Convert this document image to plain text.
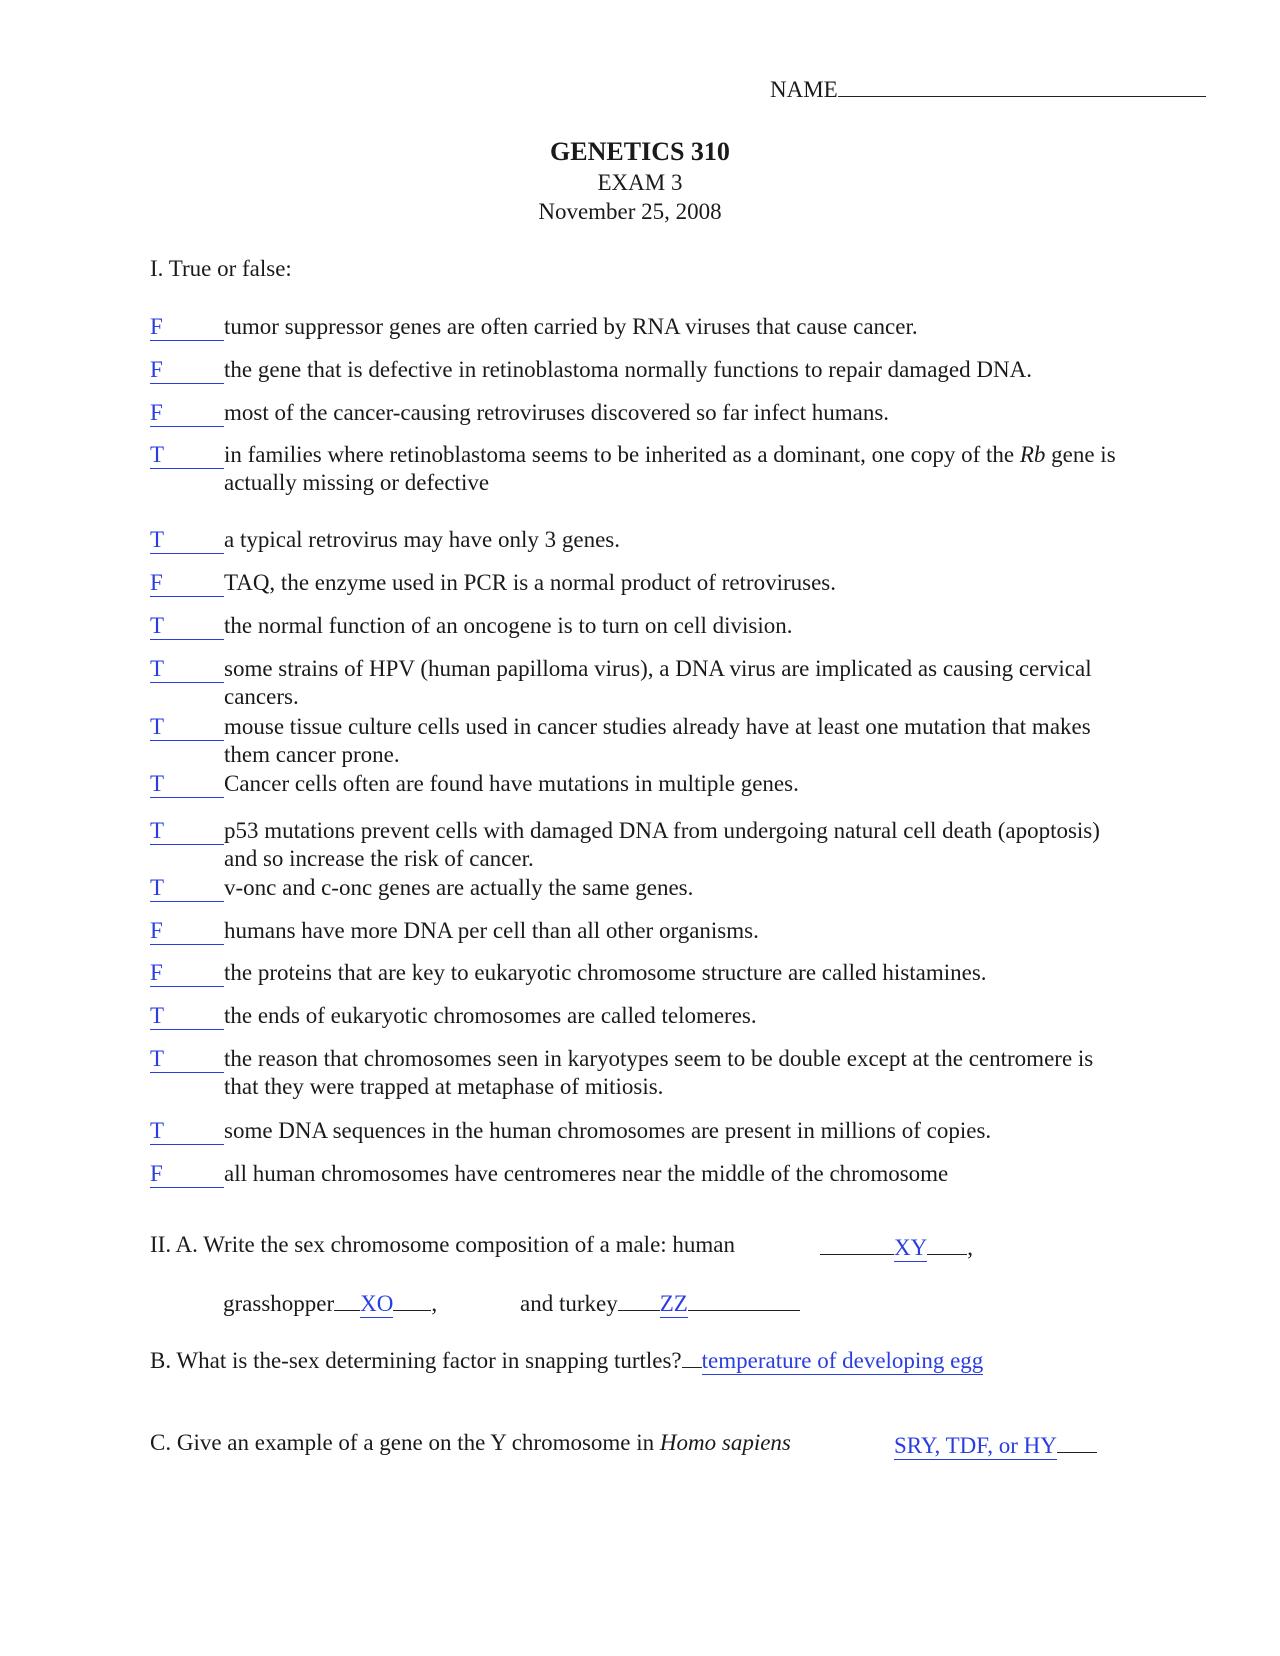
NAME
GENETICS 310
EXAM 3
November 25, 2008
I. True or false:
F	tumor suppressor genes are often carried by RNA viruses that cause cancer.
F	the gene that is defective in retinoblastoma normally functions to repair damaged DNA.
F	most of the cancer-causing retroviruses discovered so far infect humans.
T	in families where retinoblastoma seems to be inherited as a dominant, one copy of the Rb gene is actually missing or defective
T	a typical retrovirus may have only 3 genes.
F	TAQ, the enzyme used in PCR is a normal product of retroviruses.
T	the normal function of an oncogene is to turn on cell division.
T	some strains of HPV (human papilloma virus), a DNA virus are implicated as causing cervical cancers.
T	mouse tissue culture cells used in cancer studies already have at least one mutation that makes them cancer prone.
T	Cancer cells often are found have mutations in multiple genes.
T	p53 mutations prevent cells with damaged DNA from undergoing natural cell death (apoptosis) and so increase the risk of cancer.
T	v-onc and c-onc genes are actually the same genes.
F	humans have more DNA per cell than all other organisms.
F	the proteins that are key to eukaryotic chromosome structure are called histamines.
T	the ends of eukaryotic chromosomes are called telomeres.
T	the reason that chromosomes seen in karyotypes seem to be double except at the centromere is that they were trapped at metaphase of mitiosis.
T	some DNA sequences in the human chromosomes are present in millions of copies.
F	all human chromosomes have centromeres near the middle of the chromosome
II. A. Write the sex chromosome composition of a male: human	XY ,
grasshopper XO ,	and turkey ZZ
B. What is the-sex determining factor in snapping turtles? temperature of developing egg
C. Give an example of a gene on the Y chromosome in Homo sapiens	SRY, TDF, or HY
